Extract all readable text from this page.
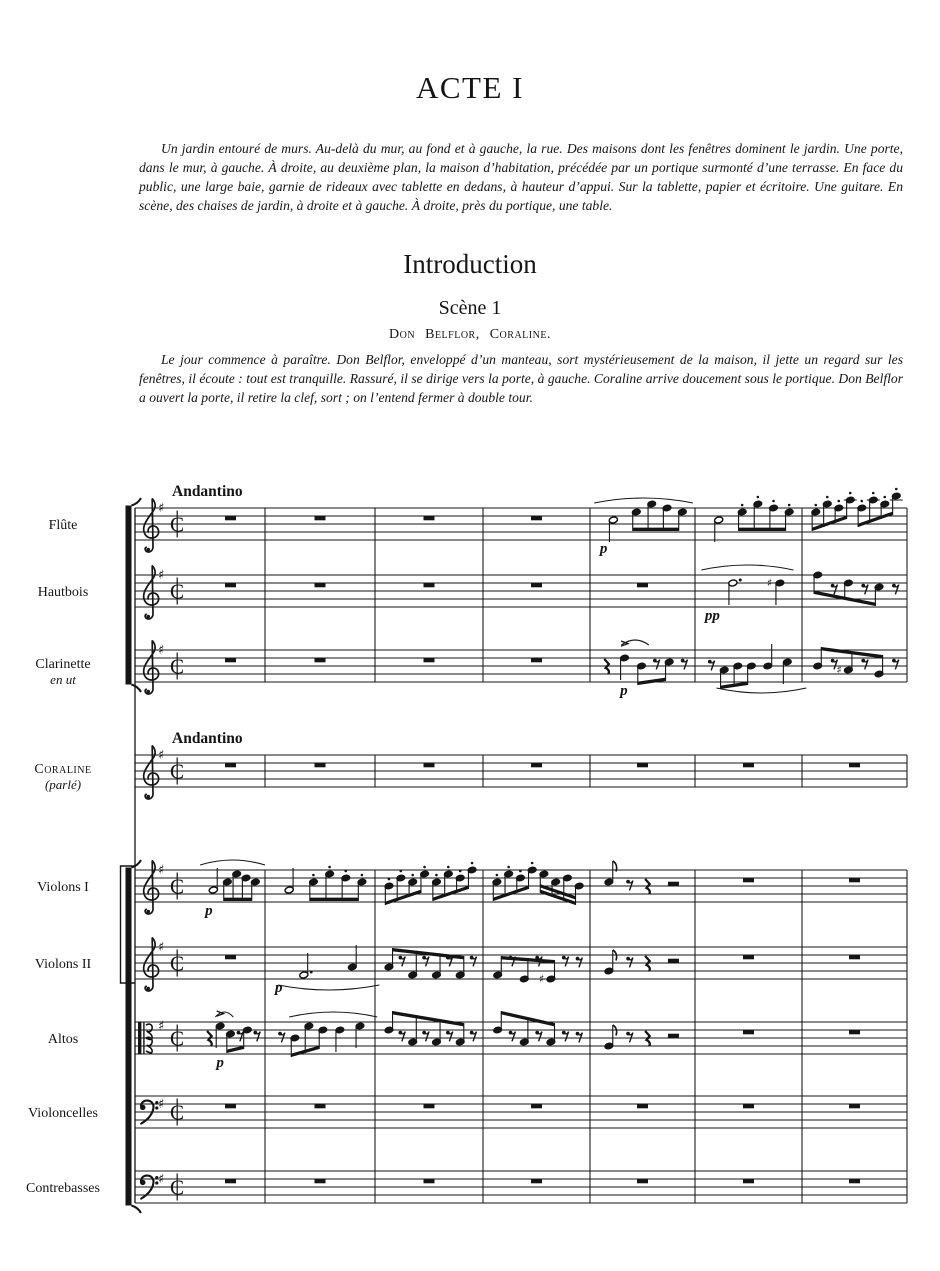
ACTE I

Un jardin entouré de murs. Au-delà du mur, au fond et à gauche, la rue. Des maisons dont les fenêtres dominent le jardin. Une porte, dans le mur, à gauche. À droite, au deuxième plan, la maison d’habitation, précédée par un portique surmonté d’une terrasse. En face du public, une large baie, garnie de rideaux avec tablette en dedans, à hauteur d’appui. Sur la tablette, papier et écritoire. Une guitare. En scène, des chaises de jardin, à droite et à gauche. À droite, près du portique, une table.

Introduction
Scène 1
Don Belflor, Coraline.

Le jour commence à paraître. Don Belflor, enveloppé d’un manteau, sort mystérieusement de la maison, il jette un regard sur les fenêtres, il écoute : tout est tranquille. Rassuré, il se dirige vers la porte, à gauche. Coraline arrive doucement sous le portique. Don Belflor a ouvert la porte, il retire la clef, sort ; on l’entend fermer à double tour.

Flûte
♯
C
Andantino
p
Hautbois
♯
C	♯
pp
Clarinette
en ut
♯
C
p
♯
Coraline
(parlé)
♯
C
Andantino
Violons I
♯
C
p
Violons II
♯
C
p
♯
Altos
♯ C
p
Violoncelles
♯ C
Contrebasses
♯ C
